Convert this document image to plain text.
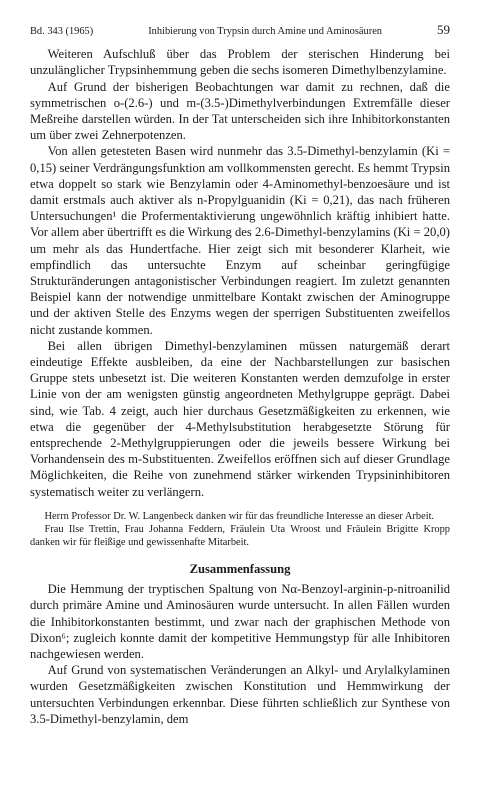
Bd. 343 (1965)	Inhibierung von Trypsin durch Amine und Aminosäuren	59

Weiteren Aufschluß über das Problem der sterischen Hinderung bei unzulänglicher Trypsinhemmung geben die sechs isomeren Dimethylbenzylamine.

Auf Grund der bisherigen Beobachtungen war damit zu rechnen, daß die symmetrischen o-(2.6-) und m-(3.5-)Dimethylverbindungen Extremfälle dieser Meßreihe darstellen würden. In der Tat unterscheiden sich ihre Inhibitorkonstanten um über zwei Zehnerpotenzen.

Von allen getesteten Basen wird nunmehr das 3.5-Dimethyl-benzylamin (Ki = 0,15) seiner Verdrängungsfunktion am vollkommensten gerecht. Es hemmt Trypsin etwa doppelt so stark wie Benzylamin oder 4-Aminomethyl-benzoesäure und ist damit erstmals auch aktiver als n-Propylguanidin (Ki = 0,21), das nach früheren Untersuchungen¹ die Profermentaktivierung ungewöhnlich kräftig inhibiert hatte. Vor allem aber übertrifft es die Wirkung des 2.6-Dimethyl-benzylamins (Ki = 20,0) um mehr als das Hundertfache. Hier zeigt sich mit besonderer Klarheit, wie empfindlich das untersuchte Enzym auf scheinbar geringfügige Strukturänderungen antagonistischer Verbindungen reagiert. Im zuletzt genannten Beispiel kann der notwendige unmittelbare Kontakt zwischen der Aminogruppe und der aktiven Stelle des Enzyms wegen der sperrigen Substituenten zweifellos nicht zustande kommen.

Bei allen übrigen Dimethyl-benzylaminen müssen naturgemäß derart eindeutige Effekte ausbleiben, da eine der Nachbarstellungen zur basischen Gruppe stets unbesetzt ist. Die weiteren Konstanten werden demzufolge in erster Linie von der am wenigsten günstig angeordneten Methylgruppe geprägt. Dabei sind, wie Tab. 4 zeigt, auch hier durchaus Gesetzmäßigkeiten zu erkennen, wie etwa die gegenüber der 4-Methylsubstitution herabgesetzte Störung für entsprechende 2-Methylgruppierungen oder die jeweils bessere Wirkung bei Vorhandensein des m-Substituenten. Zweifellos eröffnen sich auf dieser Grundlage Möglichkeiten, die Reihe von zunehmend stärker wirkenden Trypsininhibitoren systematisch weiter zu verlängern.

Herrn Professor Dr. W. Langenbeck danken wir für das freundliche Interesse an dieser Arbeit.

Frau Ilse Trettin, Frau Johanna Feddern, Fräulein Uta Wroost und Fräulein Brigitte Kropp danken wir für fleißige und gewissenhafte Mitarbeit.

Zusammenfassung

Die Hemmung der tryptischen Spaltung von Nα-Benzoyl-arginin-p-nitroanilid durch primäre Amine und Aminosäuren wurde untersucht. In allen Fällen wurden die Inhibitorkonstanten bestimmt, und zwar nach der graphischen Methode von Dixon⁶; zugleich konnte damit der kompetitive Hemmungstyp für alle Inhibitoren nachgewiesen werden.

Auf Grund von systematischen Veränderungen an Alkyl- und Arylalkylaminen wurden Gesetzmäßigkeiten zwischen Konstitution und Hemmwirkung der untersuchten Verbindungen erkennbar. Diese führten schließlich zur Synthese von 3.5-Dimethyl-benzylamin, dem
